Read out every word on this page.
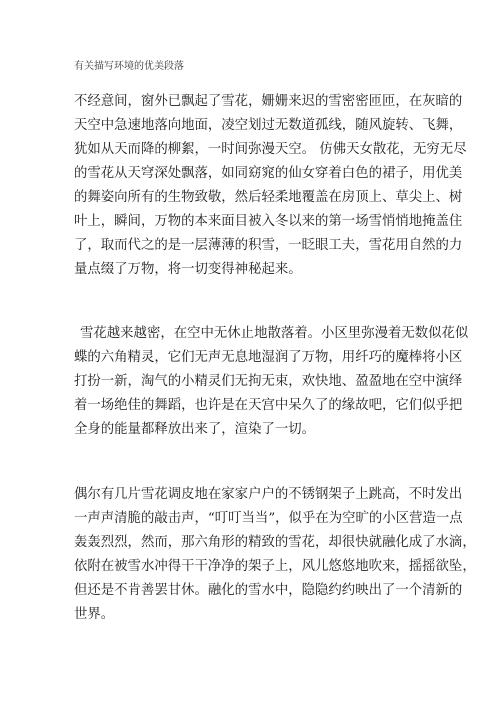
有关描写环境的优美段落

不经意间，窗外已飘起了雪花，姗姗来迟的雪密密匝匝，在灰暗的
天空中急速地落向地面，凌空划过无数道孤线，随风旋转、飞舞，
犹如从天而降的柳絮，一时间弥漫天空。 仿佛天女散花，无穷无尽
的雪花从天穹深处飘落，如同窈窕的仙女穿着白色的裙子，用优美
的舞姿向所有的生物致敬，然后轻柔地覆盖在房顶上、草尖上、树
叶上，瞬间，万物的本来面目被入冬以来的第一场雪悄悄地掩盖住
了，取而代之的是一层薄薄的积雪，一眨眼工夫，雪花用自然的力
量点缀了万物，将一切变得神秘起来。

雪花越来越密，在空中无休止地散落着。小区里弥漫着无数似花似
蝶的六角精灵，它们无声无息地湿润了万物，用纤巧的魔棒将小区
打扮一新，淘气的小精灵们无拘无束，欢快地、盈盈地在空中演绎
着一场绝佳的舞蹈，也许是在天宫中呆久了的缘故吧，它们似乎把
全身的能量都释放出来了，渲染了一切。

偶尔有几片雪花调皮地在家家户户的不锈钢架子上跳高，不时发出
一声声清脆的敲击声，“叮叮当当”，似乎在为空旷的小区营造一点
轰轰烈烈，然而，那六角形的精致的雪花，却很快就融化成了水滴，
依附在被雪水冲得干干净净的架子上，风儿悠悠地吹来，摇摇欲坠，
但还是不肯善罢甘休。融化的雪水中，隐隐约约映出了一个清新的
世界。
